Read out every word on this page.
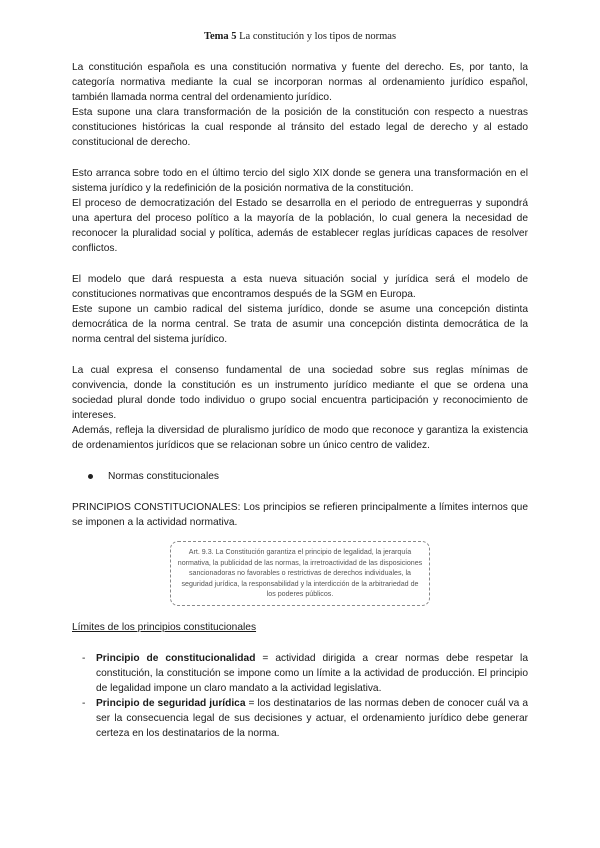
Tema 5 La constitución y los tipos de normas

La constitución española es una constitución normativa y fuente del derecho. Es, por tanto, la categoría normativa mediante la cual se incorporan normas al ordenamiento jurídico español, también llamada norma central del ordenamiento jurídico.

Esta supone una clara transformación de la posición de la constitución con respecto a nuestras constituciones históricas la cual responde al tránsito del estado legal de derecho y al estado constitucional de derecho.

Esto arranca sobre todo en el último tercio del siglo XIX donde se genera una transformación en el sistema jurídico y la redefinición de la posición normativa de la constitución.

El proceso de democratización del Estado se desarrolla en el periodo de entreguerras y supondrá una apertura del proceso político a la mayoría de la población, lo cual genera la necesidad de reconocer la pluralidad social y política, además de establecer reglas jurídicas capaces de resolver conflictos.

El modelo que dará respuesta a esta nueva situación social y jurídica será el modelo de constituciones normativas que encontramos después de la SGM en Europa.

Este supone un cambio radical del sistema jurídico, donde se asume una concepción distinta democrática de la norma central. Se trata de asumir una concepción distinta democrática de la norma central del sistema jurídico.

La cual expresa el consenso fundamental de una sociedad sobre sus reglas mínimas de convivencia, donde la constitución es un instrumento jurídico mediante el que se ordena una sociedad plural donde todo individuo o grupo social encuentra participación y reconocimiento de intereses.

Además, refleja la diversidad de pluralismo jurídico de modo que reconoce y garantiza la existencia de ordenamientos jurídicos que se relacionan sobre un único centro de validez.

Normas constitucionales

PRINCIPIOS CONSTITUCIONALES: Los principios se refieren principalmente a límites internos que se imponen a la actividad normativa.

Art. 9.3. La Constitución garantiza el principio de legalidad, la jerarquía normativa, la publicidad de las normas, la irretroactividad de las disposiciones sancionadoras no favorables o restrictivas de derechos individuales, la seguridad jurídica, la responsabilidad y la interdicción de la arbitrariedad de los poderes públicos.

Límites de los principios constitucionales

-	Principio de constitucionalidad = actividad dirigida a crear normas debe respetar la constitución, la constitución se impone como un límite a la actividad de producción. El principio de legalidad impone un claro mandato a la actividad legislativa.

-	Principio de seguridad jurídica = los destinatarios de las normas deben de conocer cuál va a ser la consecuencia legal de sus decisiones y actuar, el ordenamiento jurídico debe generar certeza en los destinatarios de la norma.
